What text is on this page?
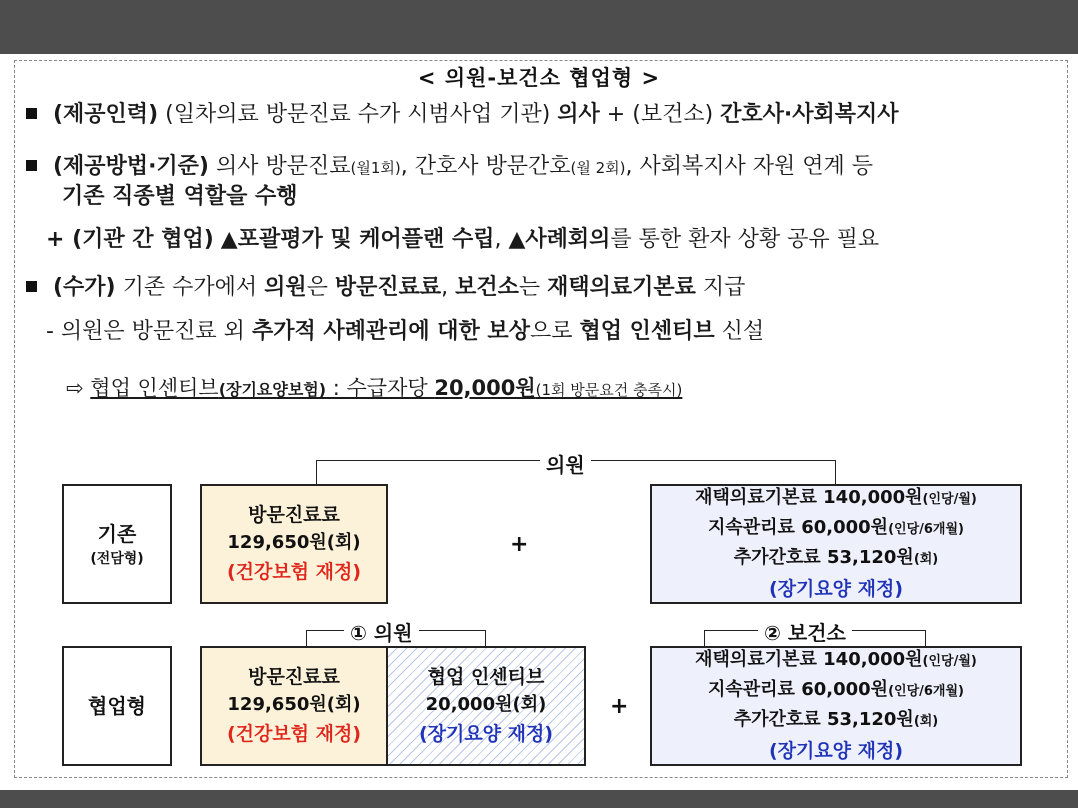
< 의원-보건소 협업형 >
(제공인력) (일차의료 방문진료 수가 시범사업 기관) 의사 + (보건소) 간호사·사회복지사
(제공방법·기준) 의사 방문진료(월1회), 간호사 방문간호(월 2회), 사회복지사 자원 연계 등
기존 직종별 역할을 수행
+ (기관 간 협업) ▲포괄평가 및 케어플랜 수립, ▲사례회의를 통한 환자 상황 공유 필요
(수가) 기존 수가에서 의원은 방문진료료, 보건소는 재택의료기본료 지급
- 의원은 방문진료 외 추가적 사례관리에 대한 보상으로 협업 인센티브 신설
⇨ 협업 인센티브(장기요양보험) : 수급자당 20,000원(1회 방문요건 충족시)
의원
기존
(전담형)
방문진료료
129,650원(회)
(건강보험 재정)
+
재택의료기본료 140,000원(인당/월)
지속관리료 60,000원(인당/6개월)
추가간호료 53,120원(회)
(장기요양 재정)
① 의원	② 보건소
협업형
방문진료료
129,650원(회)
(건강보험 재정)
협업 인센티브
20,000원(회)
(장기요양 재정)
+
재택의료기본료 140,000원(인당/월)
지속관리료 60,000원(인당/6개월)
추가간호료 53,120원(회)
(장기요양 재정)
